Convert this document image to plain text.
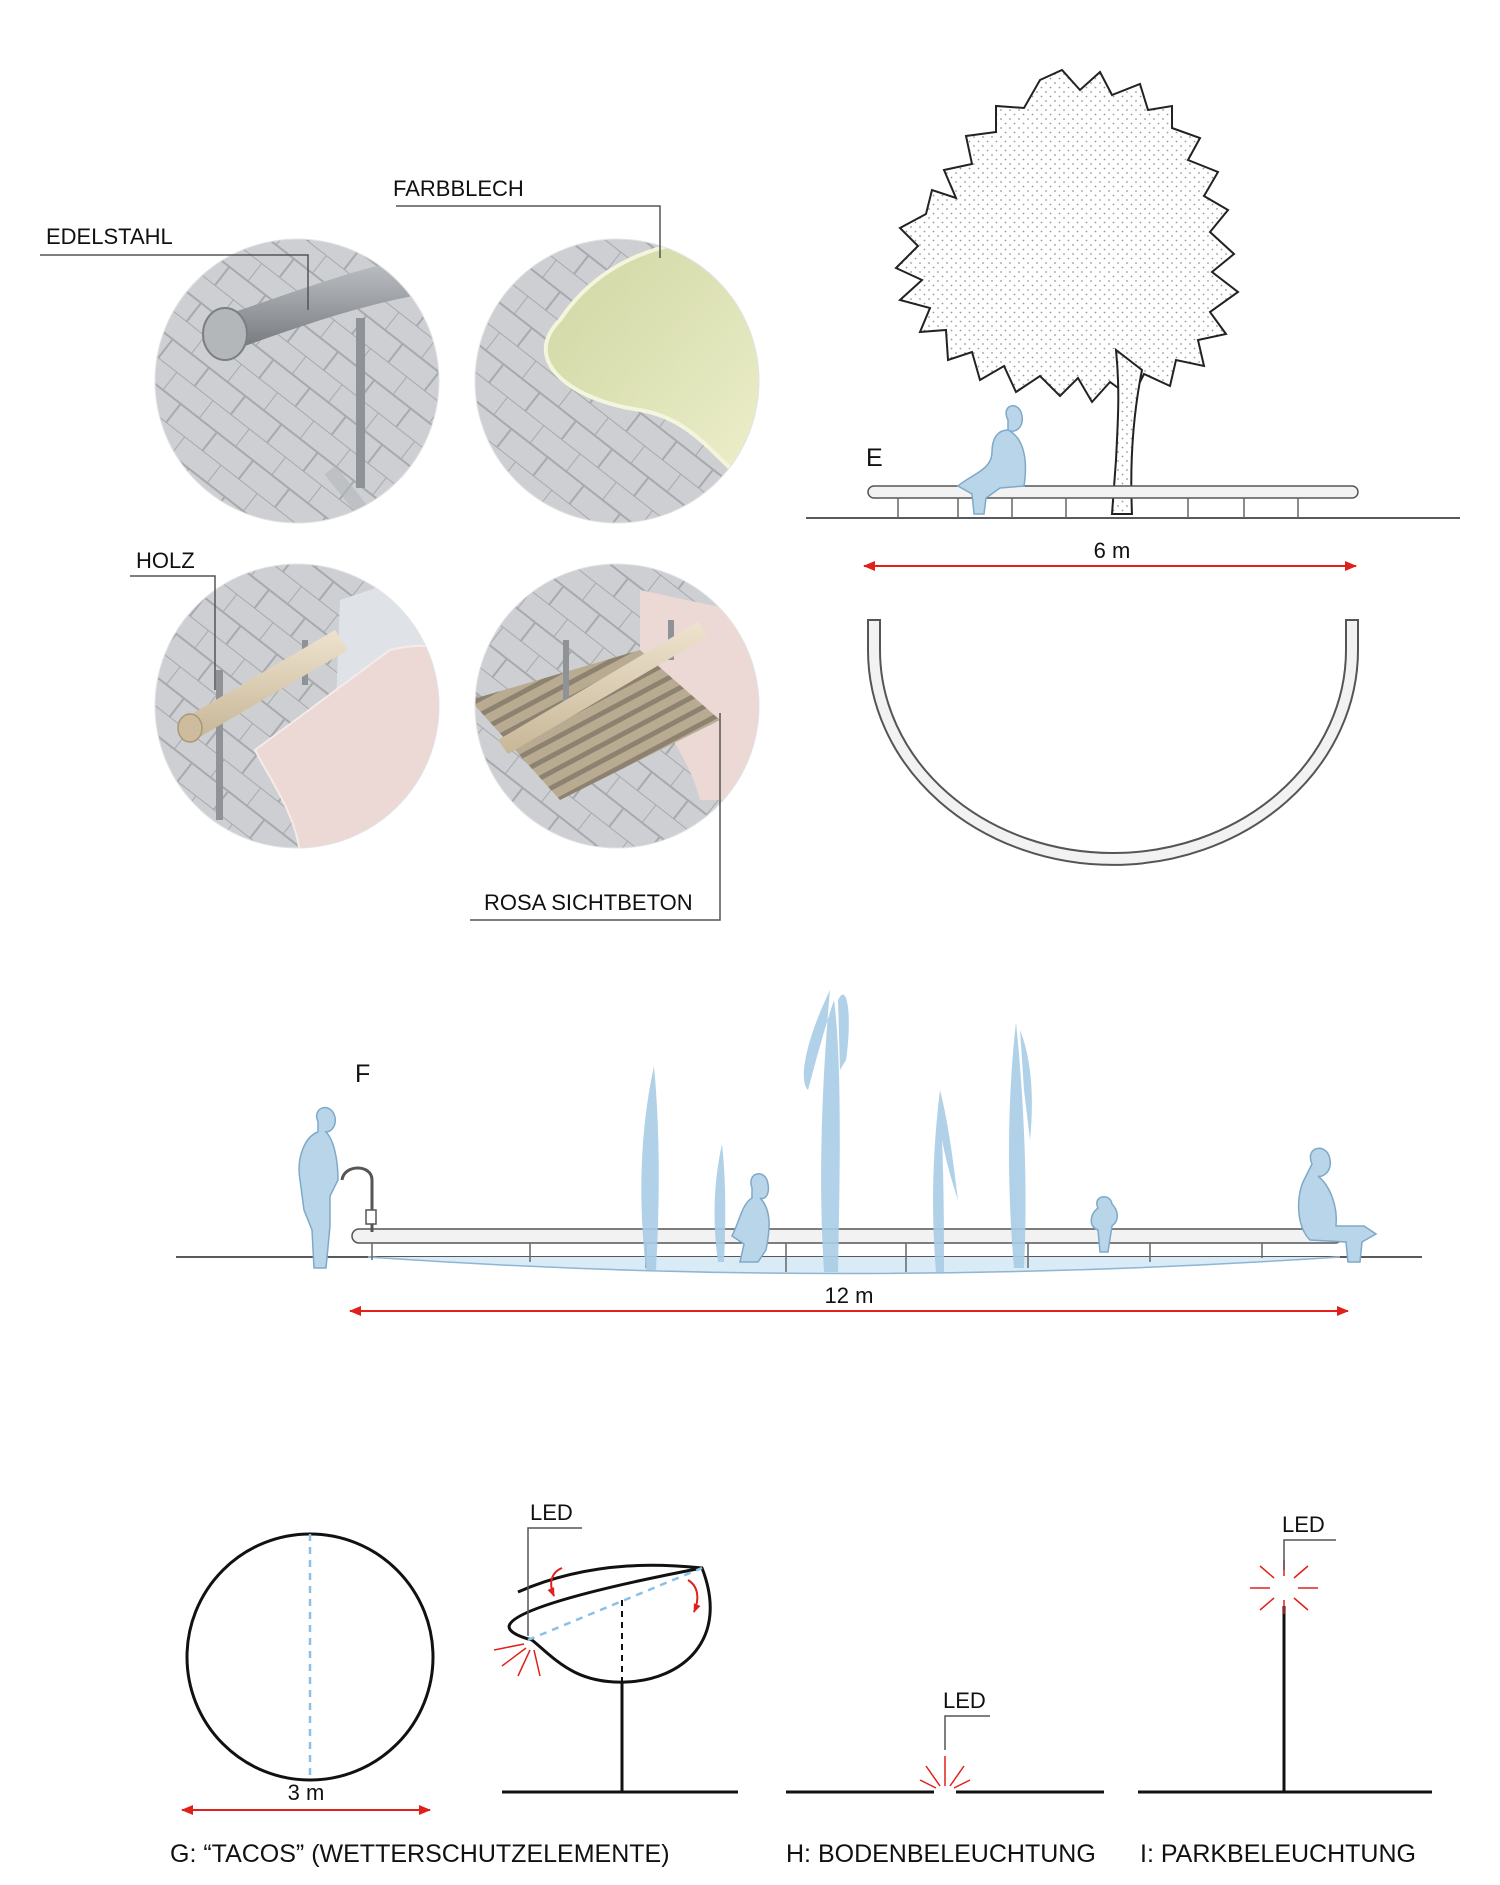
EDELSTAHL
FARBBLECH
HOLZ
ROSA SICHTBETON
E
6 m
F
12 m
3 m
LED
G: “TACOS” (WETTERSCHUTZELEMENTE)
LED
H: BODENBELEUCHTUNG
LED
I: PARKBELEUCHTUNG
